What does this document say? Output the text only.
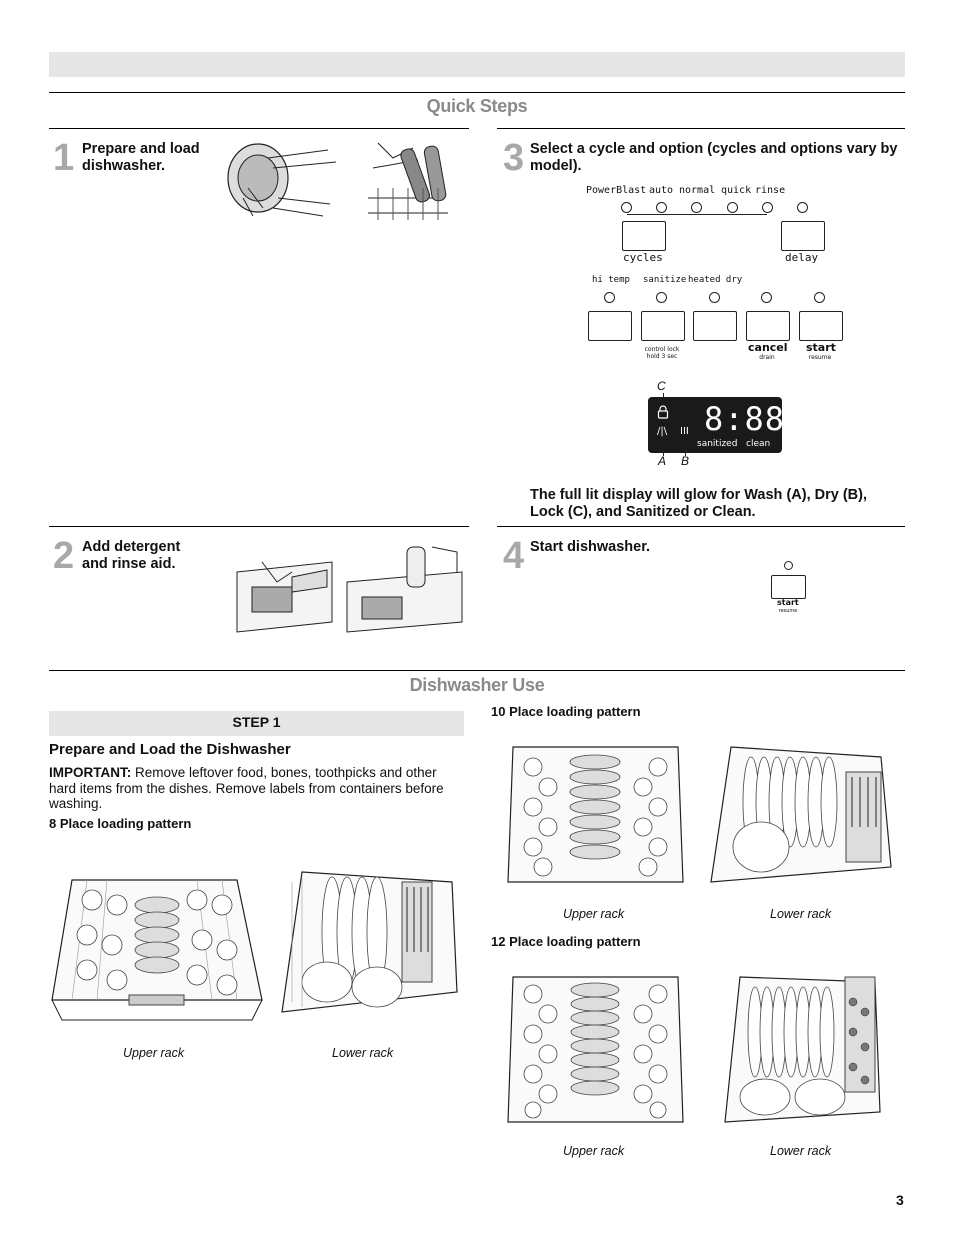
Quick Steps
1 Prepare and load dishwasher.
2 Add detergent and rinse aid.
3 Select a cycle and option (cycles and options vary by model).
PowerBlast auto normal quick rinse
cycles	delay
hi temp sanitize heated dry
control lock
hold 3 sec
cancel
drain
start
resume
C
/|\ III 8:88
sanitized clean
A B
The full lit display will glow for Wash (A), Dry (B), Lock (C), and Sanitized or Clean.
4 Start dishwasher.
start
resume
Dishwasher Use
STEP 1
Prepare and Load the Dishwasher
IMPORTANT: Remove leftover food, bones, toothpicks and other hard items from the dishes. Remove labels from containers before washing.
8 Place loading pattern
Upper rack	Lower rack
10 Place loading pattern
Upper rack	Lower rack
12 Place loading pattern
Upper rack	Lower rack
3
